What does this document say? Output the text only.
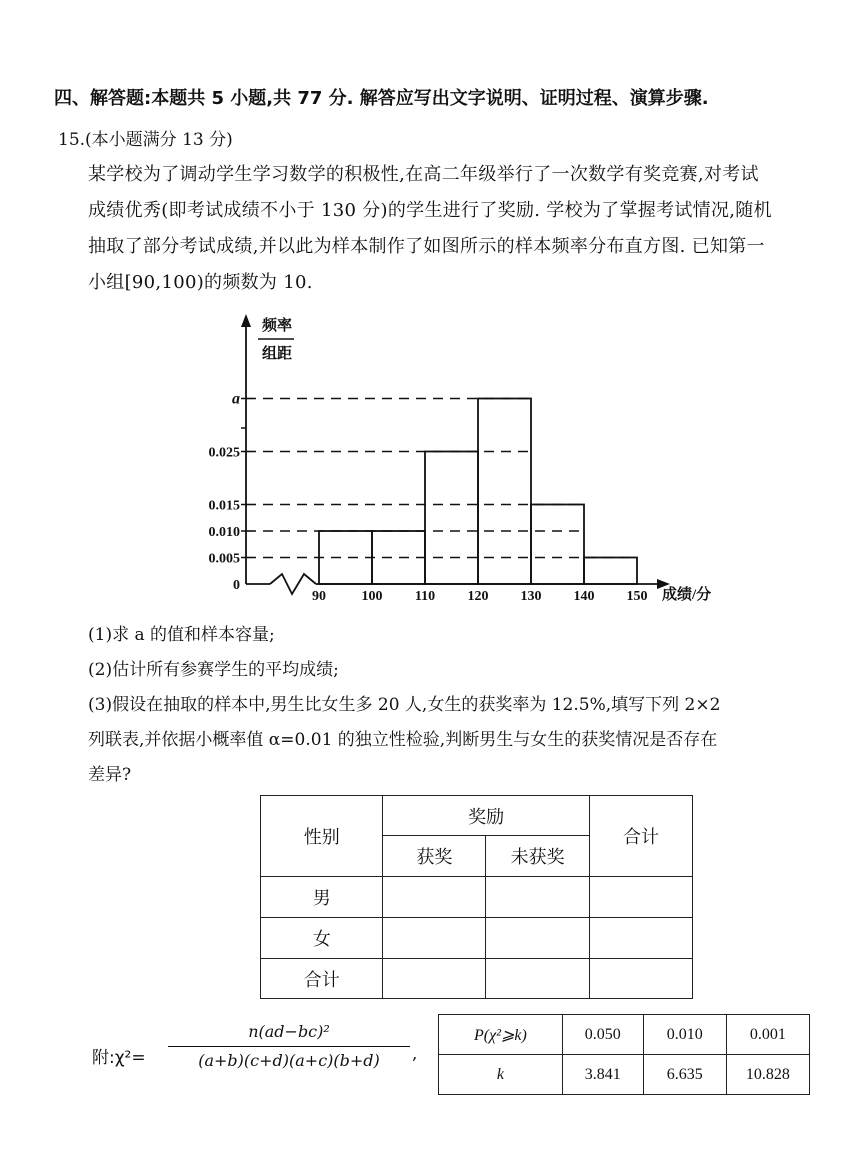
四、解答题:本题共 5 小题,共 77 分. 解答应写出文字说明、证明过程、演算步骤.
15.(本小题满分 13 分)
某学校为了调动学生学习数学的积极性,在高二年级举行了一次数学有奖竞赛,对考试
成绩优秀(即考试成绩不小于 130 分)的学生进行了奖励. 学校为了掌握考试情况,随机
抽取了部分考试成绩,并以此为样本制作了如图所示的样本频率分布直方图. 已知第一
小组[90,100)的频数为 10.
频率
组距
成绩/分
0
0.005
0.010
0.015
0.025
a
90	100 110 120 130 140 150
(1)求 a 的值和样本容量;
(2)估计所有参赛学生的平均成绩;
(3)假设在抽取的样本中,男生比女生多 20 人,女生的获奖率为 12.5%,填写下列 2×2
列联表,并依据小概率值 α=0.01 的独立性检验,判断男生与女生的获奖情况是否存在
差异?
性别	奖励		合计
	获奖	未获奖	
男			
女			
合计			
附:χ²=
n(ad−bc)²
(a+b)(c+d)(a+c)(b+d)	,
P(χ²⩾k)	0.050	0.010	0.001
k	3.841	6.635	10.828
